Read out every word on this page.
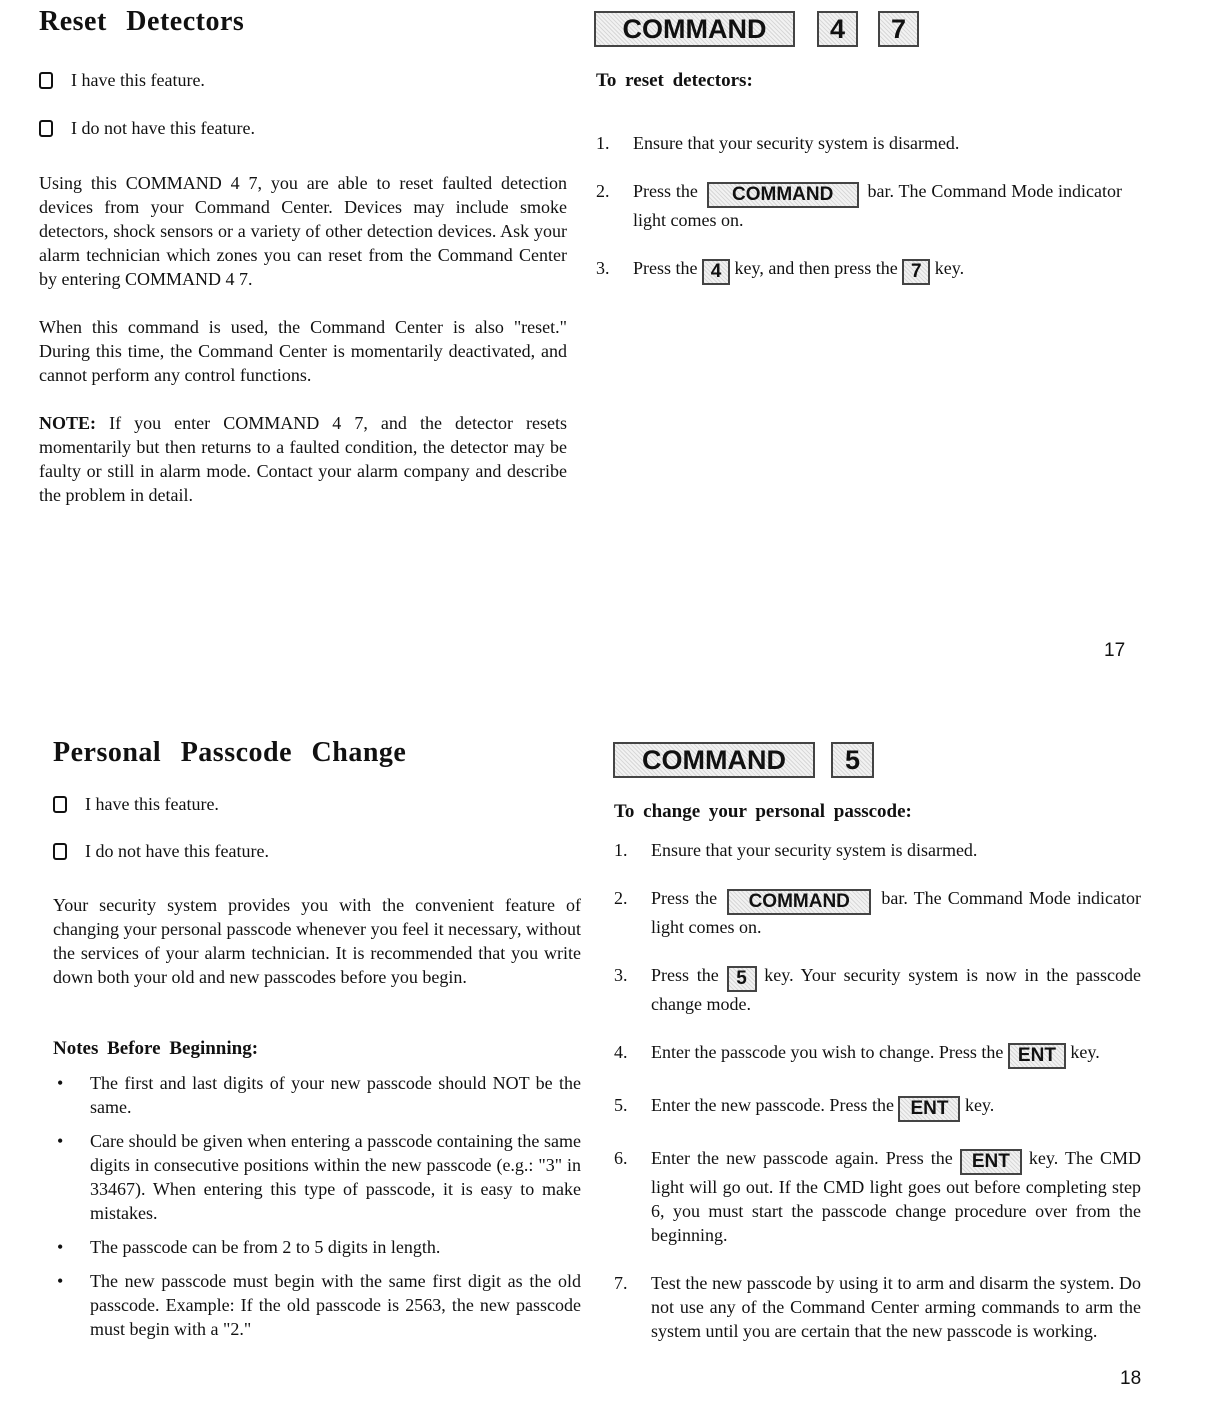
Reset Detectors
I have this feature.
I do not have this feature.
Using this COMMAND 4 7, you are able to reset faulted detection devices from your Command Center. Devices may include smoke detectors, shock sensors or a variety of other detection devices. Ask your alarm technician which zones you can reset from the Command Center by entering COMMAND 4 7.
When this command is used, the Command Center is also "reset." During this time, the Command Center is momentarily deactivated, and cannot perform any control functions.
NOTE: If you enter COMMAND 4 7, and the detector resets momentarily but then returns to a faulted condition, the detector may be faulty or still in alarm mode. Contact your alarm company and describe the problem in detail.
COMMAND	4	7
To reset detectors:
1. Ensure that your security system is disarmed.
2. Press the COMMAND bar. The Command Mode indicator light comes on.
3. Press the 4 key, and then press the 7 key.
17
Personal Passcode Change
I have this feature.
I do not have this feature.
Your security system provides you with the convenient feature of changing your personal passcode whenever you feel it necessary, without the services of your alarm technician. It is recommended that you write down both your old and new passcodes before you begin.
Notes Before Beginning:
• The first and last digits of your new passcode should NOT be the same.
• Care should be given when entering a passcode containing the same digits in consecutive positions within the new passcode (e.g.: "3" in 33467). When entering this type of passcode, it is easy to make mistakes.
• The passcode can be from 2 to 5 digits in length.
• The new passcode must begin with the same first digit as the old passcode. Example: If the old passcode is 2563, the new passcode must begin with a "2."
COMMAND	5
To change your personal passcode:
1. Ensure that your security system is disarmed.
2. Press the COMMAND bar. The Command Mode indicator light comes on.
3. Press the 5 key. Your security system is now in the passcode change mode.
4. Enter the passcode you wish to change. Press the ENT key.
5. Enter the new passcode. Press the ENT key.
6. Enter the new passcode again. Press the ENT key. The CMD light will go out. If the CMD light goes out before completing step 6, you must start the passcode change procedure over from the beginning.
7. Test the new passcode by using it to arm and disarm the system. Do not use any of the Command Center arming commands to arm the system until you are certain that the new passcode is working.
18
